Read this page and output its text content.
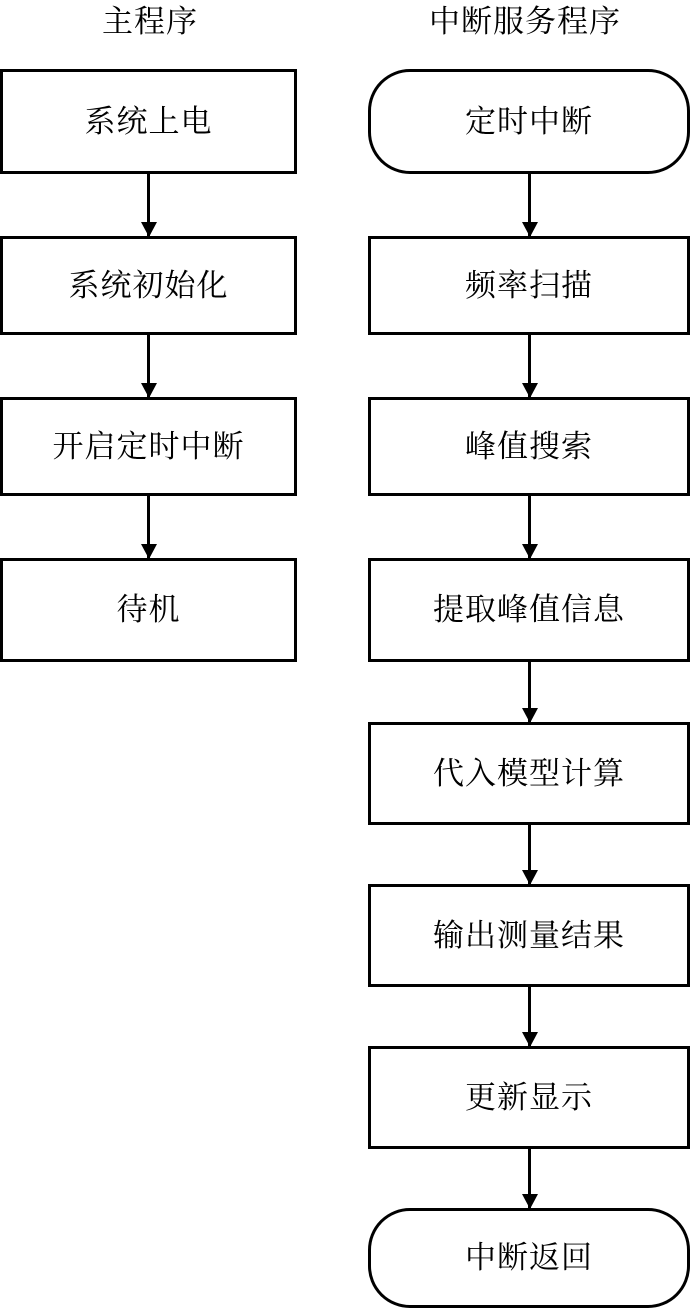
主程序
系统上电
系统初始化
开启定时中断
待机
中断服务程序
定时中断
频率扫描
峰值搜索
提取峰值信息
代入模型计算
输出测量结果
更新显示
中断返回
